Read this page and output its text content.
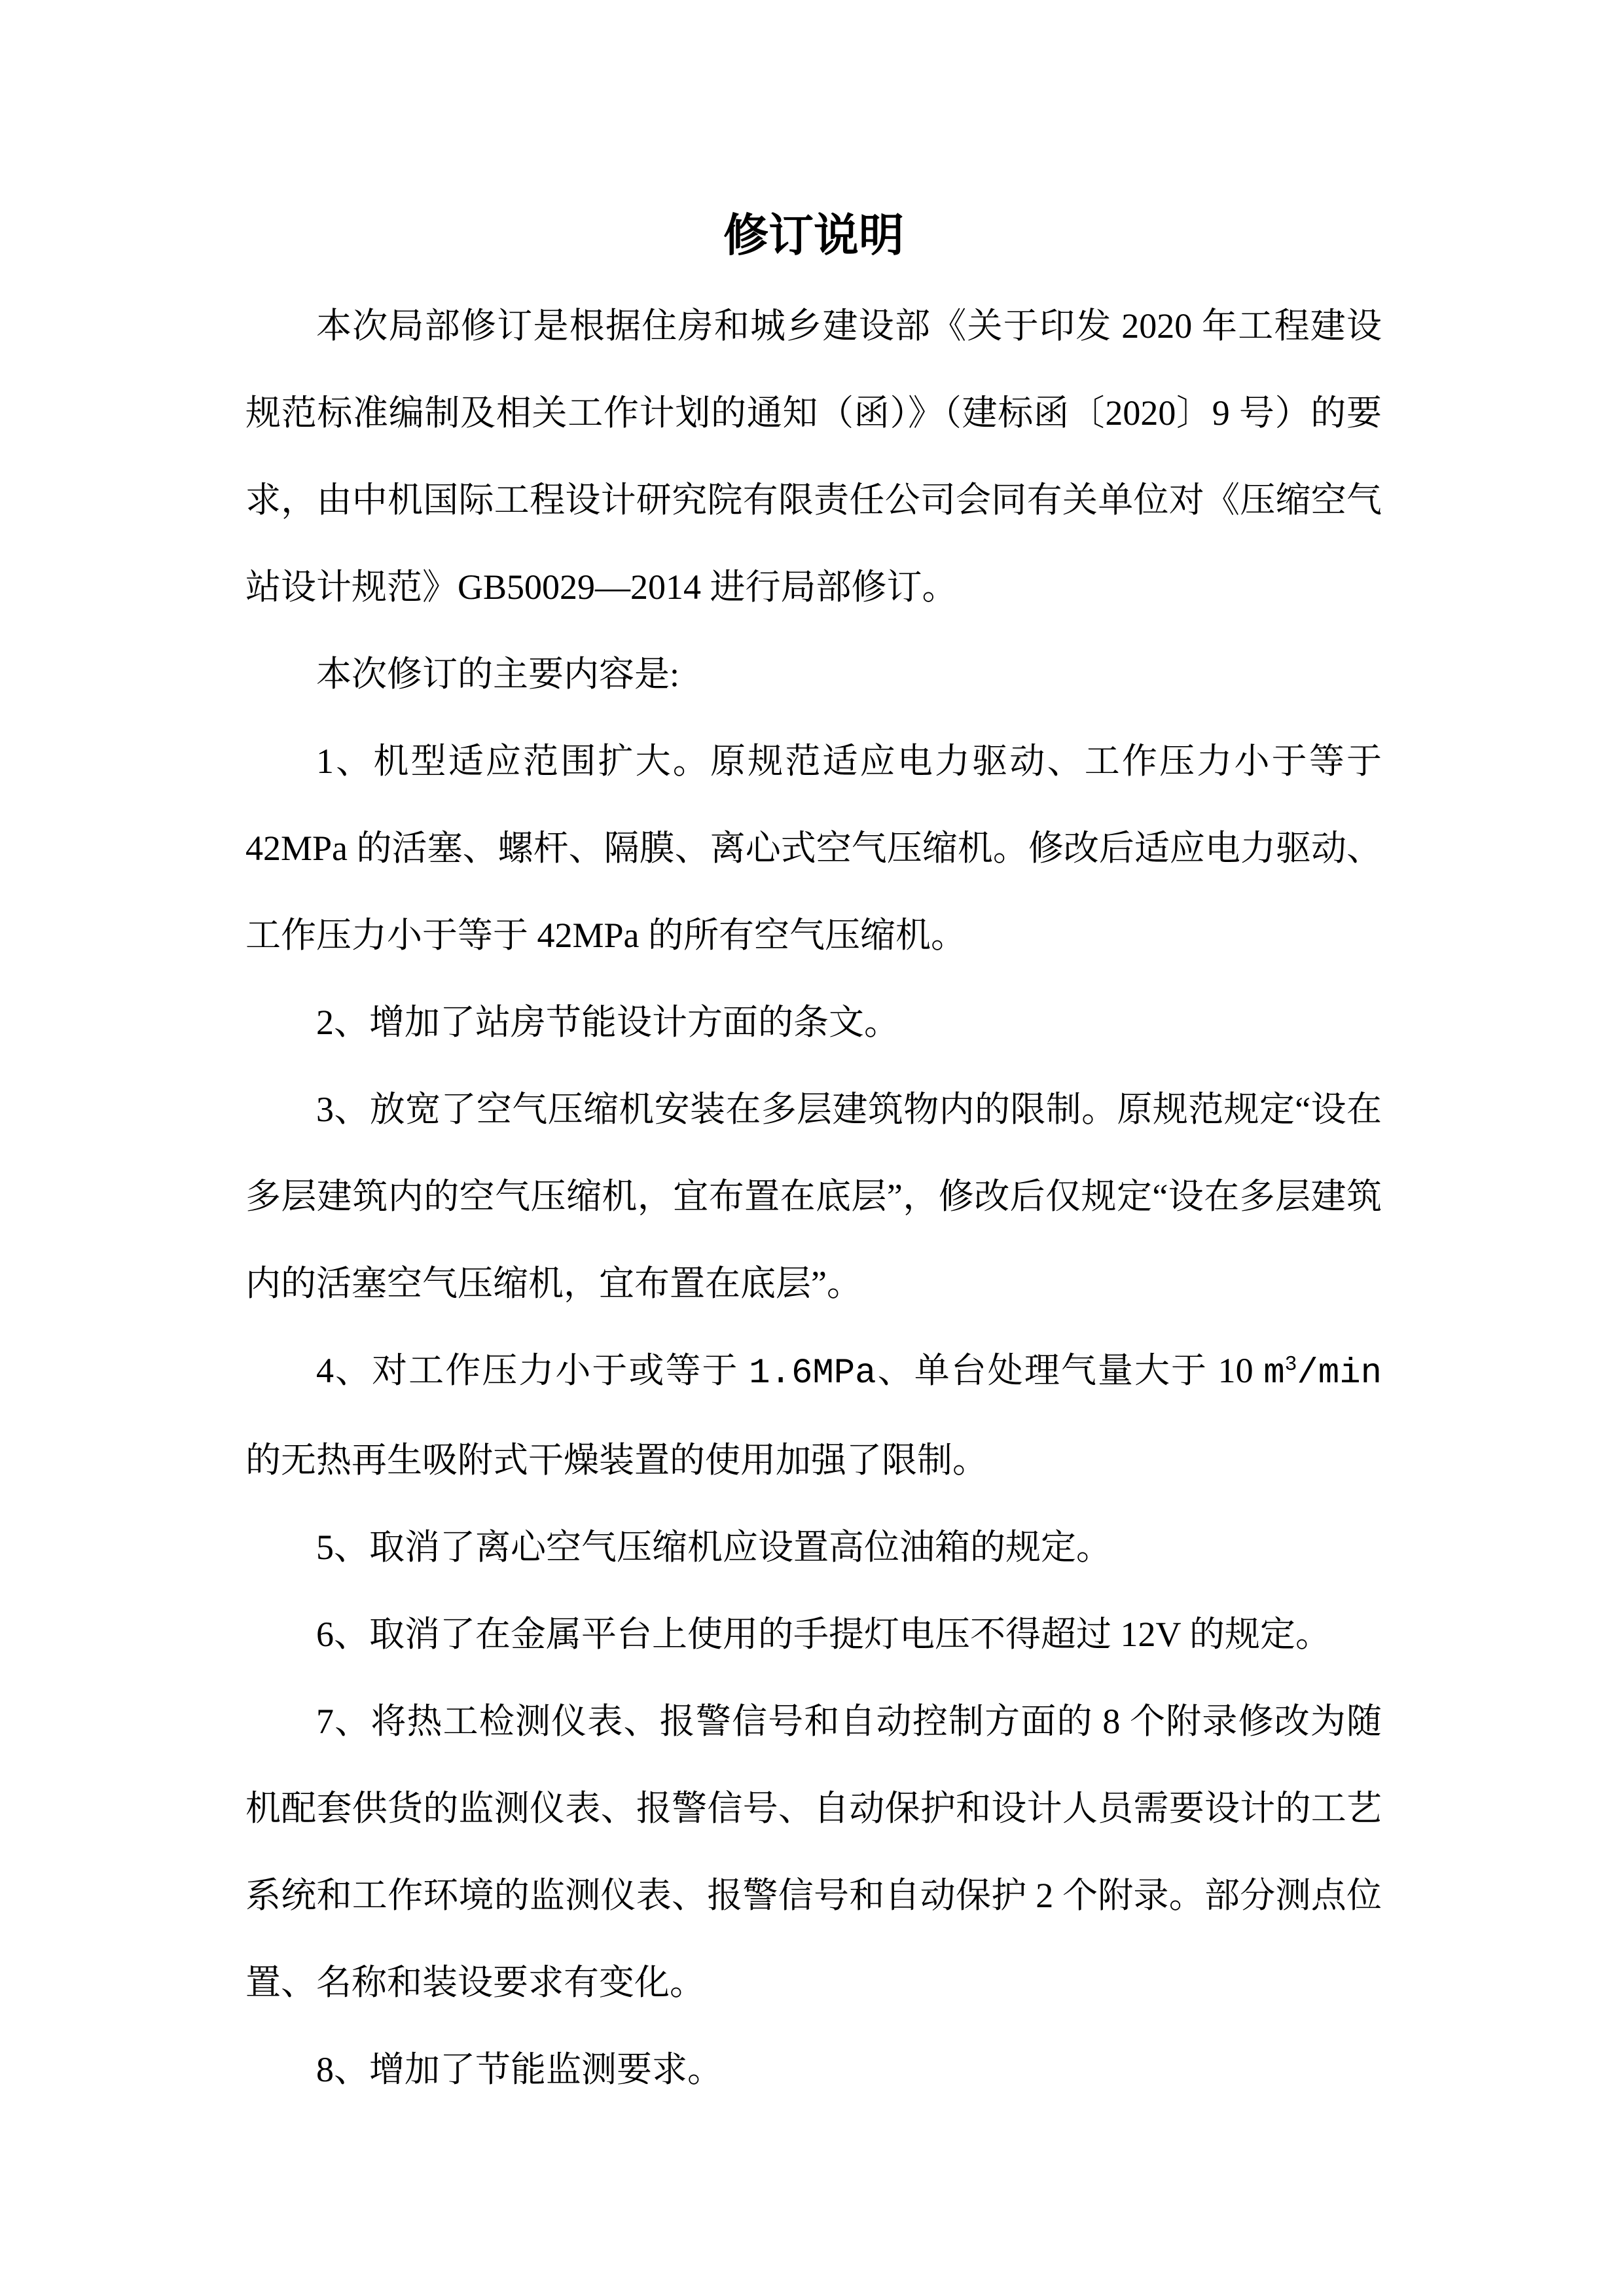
修订说明

本次局部修订是根据住房和城乡建设部《关于印发 2020 年工程建设规范标准编制及相关工作计划的通知（函）》（建标函〔2020〕9 号）的要求，由中机国际工程设计研究院有限责任公司会同有关单位对《压缩空气站设计规范》GB50029—2014 进行局部修订。

本次修订的主要内容是:

1、机型适应范围扩大。原规范适应电力驱动、工作压力小于等于 42MPa 的活塞、螺杆、隔膜、离心式空气压缩机。修改后适应电力驱动、工作压力小于等于 42MPa 的所有空气压缩机。

2、增加了站房节能设计方面的条文。

3、放宽了空气压缩机安装在多层建筑物内的限制。原规范规定“设在多层建筑内的空气压缩机，宜布置在底层”，修改后仅规定“设在多层建筑内的活塞空气压缩机，宜布置在底层”。

4、对工作压力小于或等于 1.6MPa、单台处理气量大于 10 $m^3/\min$ 的无热再生吸附式干燥装置的使用加强了限制。

5、取消了离心空气压缩机应设置高位油箱的规定。

6、取消了在金属平台上使用的手提灯电压不得超过 12V 的规定。

7、将热工检测仪表、报警信号和自动控制方面的 8 个附录修改为随机配套供货的监测仪表、报警信号、自动保护和设计人员需要设计的工艺系统和工作环境的监测仪表、报警信号和自动保护 2 个附录。部分测点位置、名称和装设要求有变化。

8、增加了节能监测要求。
